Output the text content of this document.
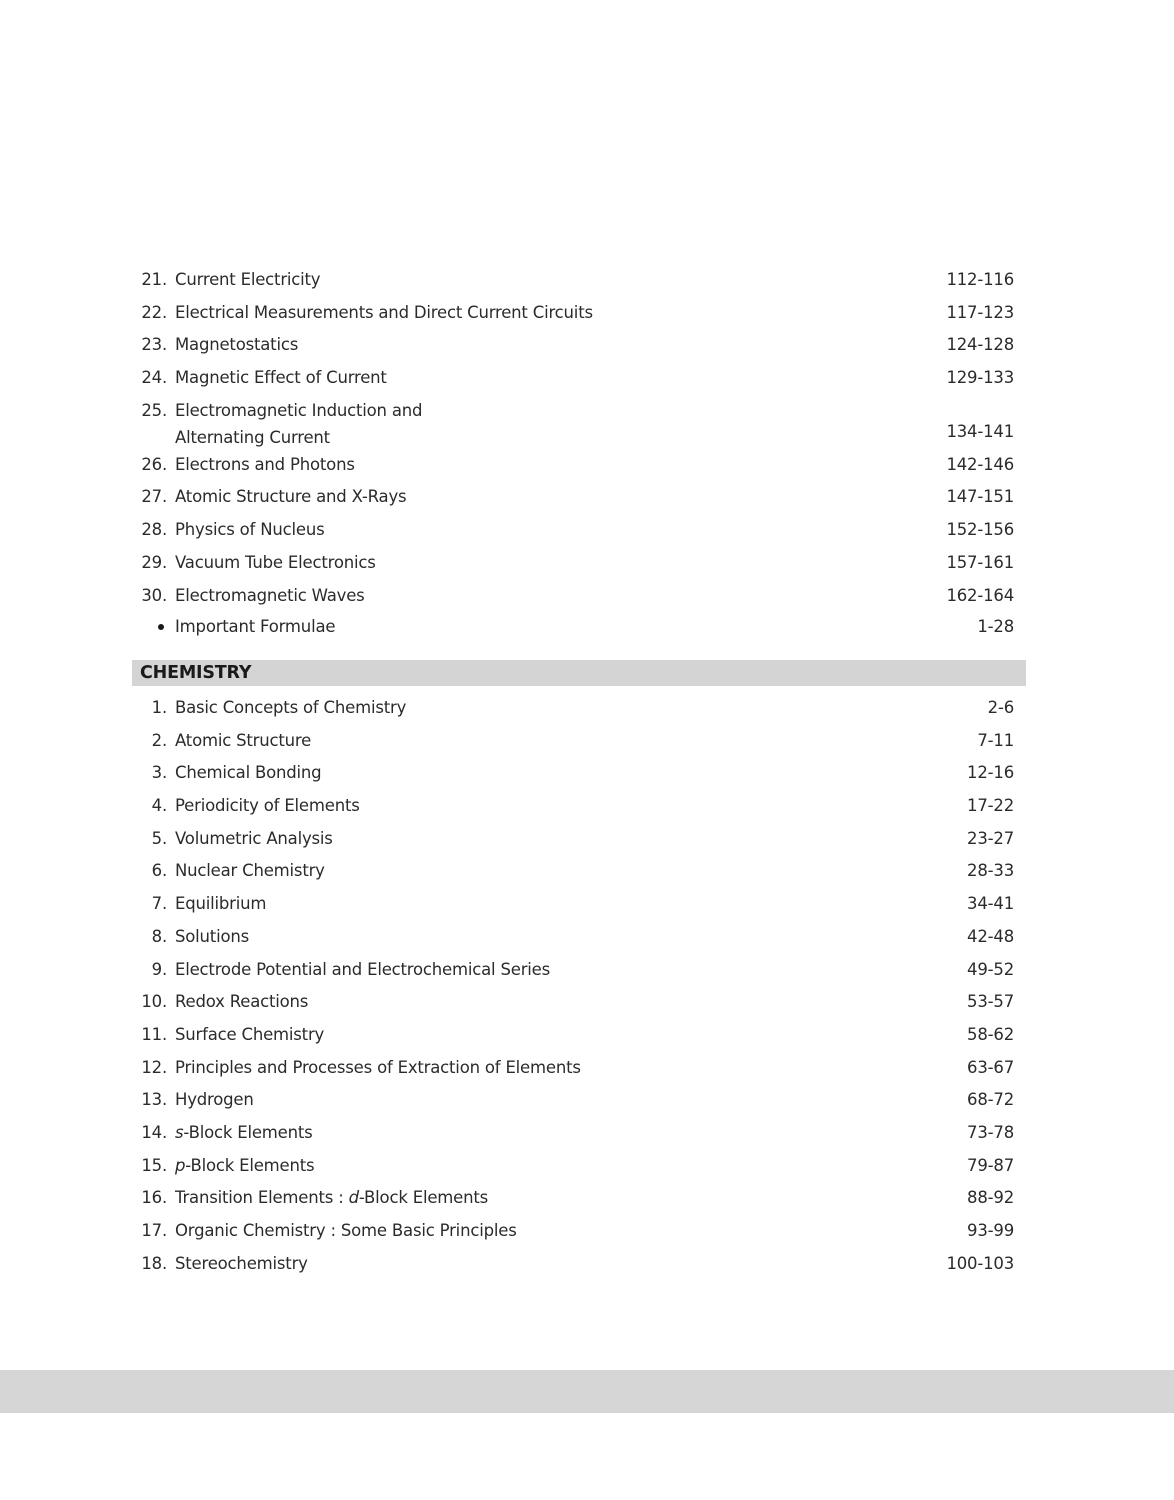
21. Current Electricity	112-116
22. Electrical Measurements and Direct Current Circuits	117-123
23. Magnetostatics	124-128
24. Magnetic Effect of Current	129-133
25. Electromagnetic Induction and
Alternating Current	134-141
26. Electrons and Photons	142-146
27. Atomic Structure and X-Rays	147-151
28. Physics of Nucleus	152-156
29. Vacuum Tube Electronics	157-161
30. Electromagnetic Waves	162-164
Important Formulae	1-28
CHEMISTRY
1. Basic Concepts of Chemistry	2-6
2. Atomic Structure	7-11
3. Chemical Bonding	12-16
4. Periodicity of Elements	17-22
5. Volumetric Analysis	23-27
6. Nuclear Chemistry	28-33
7. Equilibrium	34-41
8. Solutions	42-48
9. Electrode Potential and Electrochemical Series	49-52
10. Redox Reactions	53-57
11. Surface Chemistry	58-62
12. Principles and Processes of Extraction of Elements	63-67
13. Hydrogen	68-72
14. s-Block Elements	73-78
15. p-Block Elements	79-87
16. Transition Elements : d-Block Elements	88-92
17. Organic Chemistry : Some Basic Principles	93-99
18. Stereochemistry	100-103
